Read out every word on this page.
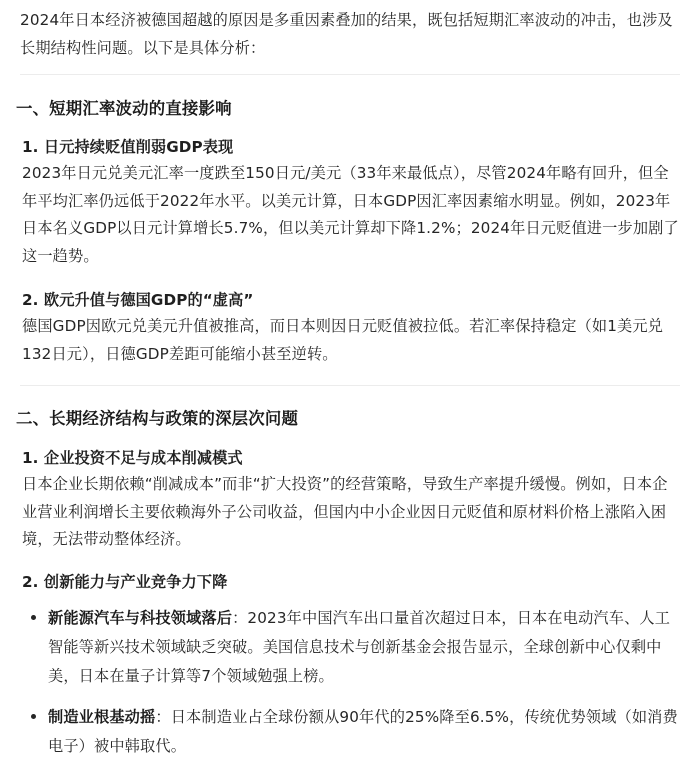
2024年日本经济被德国超越的原因是多重因素叠加的结果，既包括短期汇率波动的冲击，也涉及长期结构性问题。以下是具体分析：

一、短期汇率波动的直接影响
1. 日元持续贬值削弱GDP表现

2023年日元兑美元汇率一度跌至150日元/美元（33年来最低点），尽管2024年略有回升，但全年平均汇率仍远低于2022年水平。以美元计算，日本GDP因汇率因素缩水明显。例如，2023年日本名义GDP以日元计算增长5.7%，但以美元计算却下降1.2%；2024年日元贬值进一步加剧了这一趋势。

2. 欧元升值与德国GDP的“虚高”

德国GDP因欧元兑美元升值被推高，而日本则因日元贬值被拉低。若汇率保持稳定（如1美元兑132日元），日德GDP差距可能缩小甚至逆转。

二、长期经济结构与政策的深层次问题
1. 企业投资不足与成本削减模式

日本企业长期依赖“削减成本”而非“扩大投资”的经营策略，导致生产率提升缓慢。例如，日本企业营业利润增长主要依赖海外子公司收益，但国内中小企业因日元贬值和原材料价格上涨陷入困境，无法带动整体经济。

2. 创新能力与产业竞争力下降
新能源汽车与科技领域落后：2023年中国汽车出口量首次超过日本，日本在电动汽车、人工智能等新兴技术领域缺乏突破。美国信息技术与创新基金会报告显示，全球创新中心仅剩中美，日本在量子计算等7个领域勉强上榜。
制造业根基动摇：日本制造业占全球份额从90年代的25%降至6.5%，传统优势领域（如消费电子）被中韩取代。
